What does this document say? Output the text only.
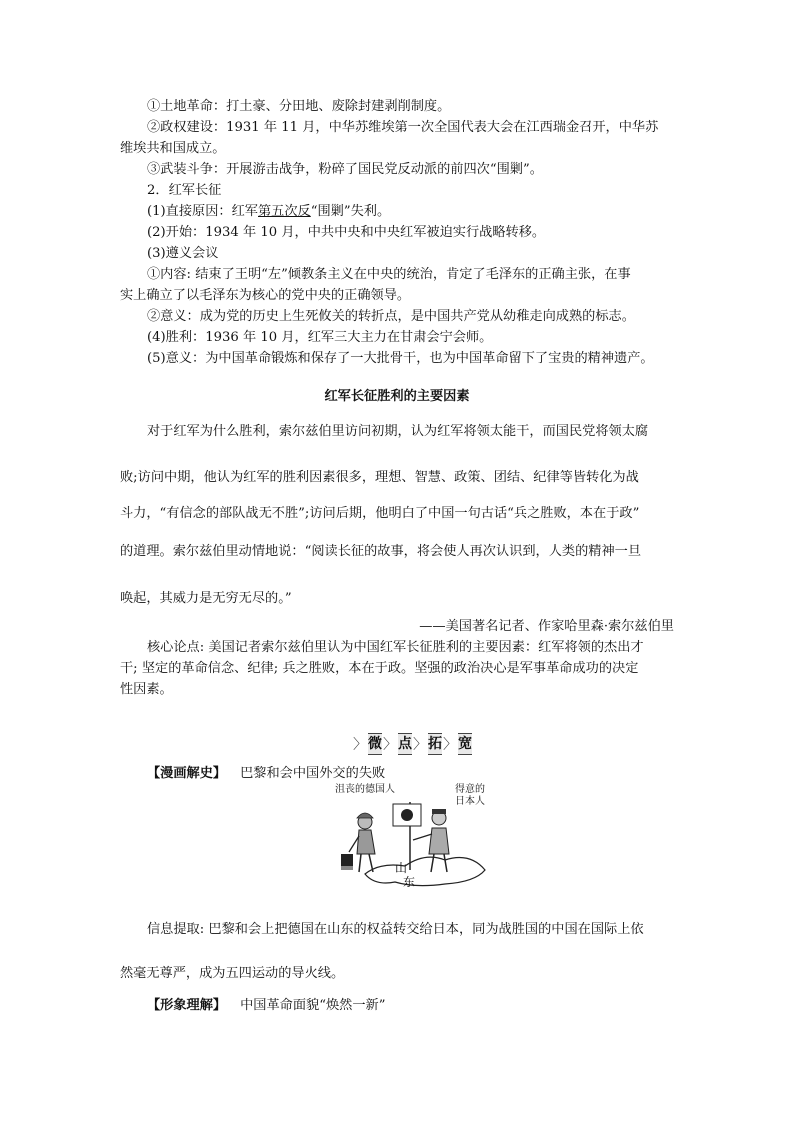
①土地革命：打土豪、分田地、废除封建剥削制度。
②政权建设：1931 年 11 月，中华苏维埃第一次全国代表大会在江西瑞金召开，中华苏
维埃共和国成立。
③武装斗争：开展游击战争，粉碎了国民党反动派的前四次“围剿”。
2．红军长征
(1)直接原因：红军第五次反“围剿”失利。
(2)开始：1934 年 10 月，中共中央和中央红军被迫实行战略转移。
(3)遵义会议
①内容: 结束了王明“左”倾教条主义在中央的统治，肯定了毛泽东的正确主张，在事
实上确立了以毛泽东为核心的党中央的正确领导。
②意义：成为党的历史上生死攸关的转折点，是中国共产党从幼稚走向成熟的标志。
(4)胜利：1936 年 10 月，红军三大主力在甘肃会宁会师。
(5)意义：为中国革命锻炼和保存了一大批骨干，也为中国革命留下了宝贵的精神遗产。
红军长征胜利的主要因素
对于红军为什么胜利，索尔兹伯里访问初期，认为红军将领太能干，而国民党将领太腐
败;访问中期，他认为红军的胜利因素很多，理想、智慧、政策、团结、纪律等皆转化为战
斗力，“有信念的部队战无不胜”;访问后期，他明白了中国一句古话“兵之胜败，本在于政”
的道理。索尔兹伯里动情地说：“阅读长征的故事，将会使人再次认识到，人类的精神一旦
唤起，其威力是无穷无尽的。”
——美国著名记者、作家哈里森·索尔兹伯里
核心论点: 美国记者索尔兹伯里认为中国红军长征胜利的主要因素：红军将领的杰出才
干; 坚定的革命信念、纪律; 兵之胜败，本在于政。坚强的政治决心是军事革命成功的决定
性因素。
〉 微 〉 点 〉 拓 〉 宽
【漫画解史】 巴黎和会中国外交的失败
沮丧的德国人	得意的
日本人
山
东
信息提取: 巴黎和会上把德国在山东的权益转交给日本，同为战胜国的中国在国际上依
然毫无尊严，成为五四运动的导火线。
【形象理解】 中国革命面貌“焕然一新”
